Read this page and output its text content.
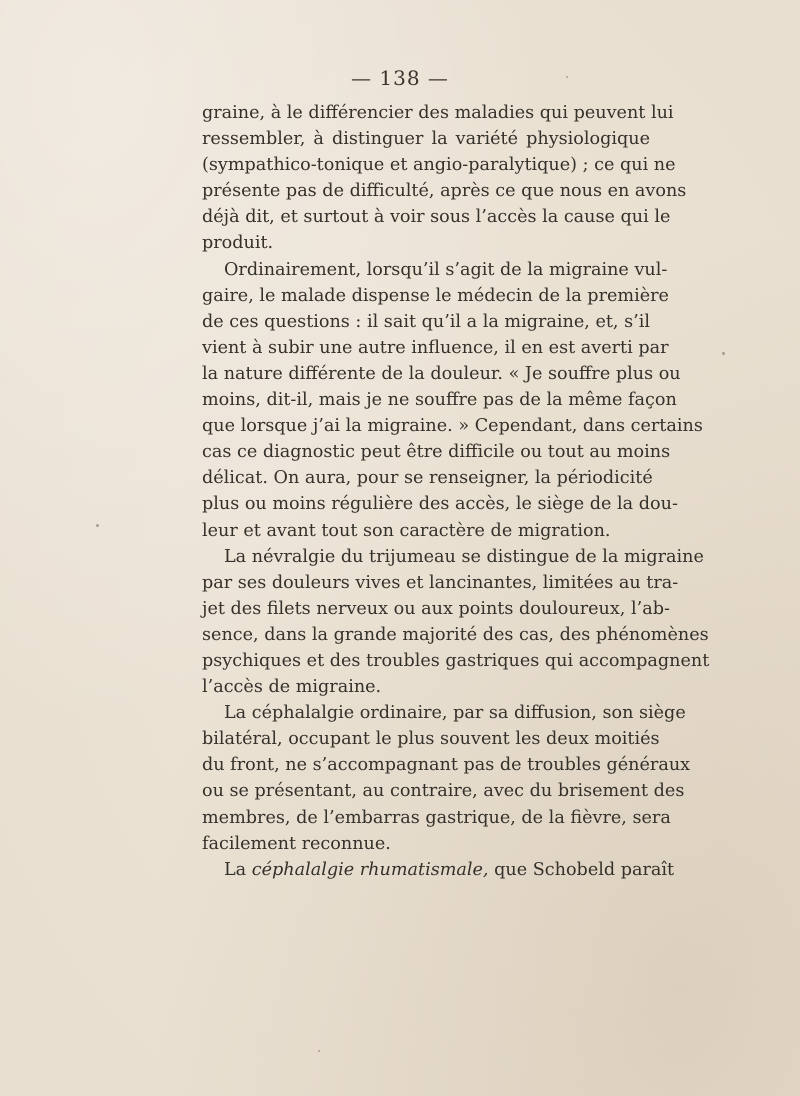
— 138 —
graine, à le différencier des maladies qui peuvent lui
ressembler, à distinguer la variété physiologique
(sympathico-tonique et angio-paralytique) ; ce qui ne
présente pas de difficulté, après ce que nous en avons
déjà dit, et surtout à voir sous l’accès la cause qui le
produit.
Ordinairement, lorsqu’il s’agit de la migraine vul-
gaire, le malade dispense le médecin de la première
de ces questions : il sait qu’il a la migraine, et, s’il
vient à subir une autre influence, il en est averti par
la nature différente de la douleur. « Je souffre plus ou
moins, dit-il, mais je ne souffre pas de la même façon
que lorsque j’ai la migraine. » Cependant, dans certains
cas ce diagnostic peut être difficile ou tout au moins
délicat. On aura, pour se renseigner, la périodicité
plus ou moins régulière des accès, le siège de la dou-
leur et avant tout son caractère de migration.
La névralgie du trijumeau se distingue de la migraine
par ses douleurs vives et lancinantes, limitées au tra-
jet des filets nerveux ou aux points douloureux, l’ab-
sence, dans la grande majorité des cas, des phénomènes
psychiques et des troubles gastriques qui accompagnent
l’accès de migraine.
La céphalalgie ordinaire, par sa diffusion, son siège
bilatéral, occupant le plus souvent les deux moitiés
du front, ne s’accompagnant pas de troubles généraux
ou se présentant, au contraire, avec du brisement des
membres, de l’embarras gastrique, de la fièvre, sera
facilement reconnue.
La céphalalgie rhumatismale, que Schobeld paraît
